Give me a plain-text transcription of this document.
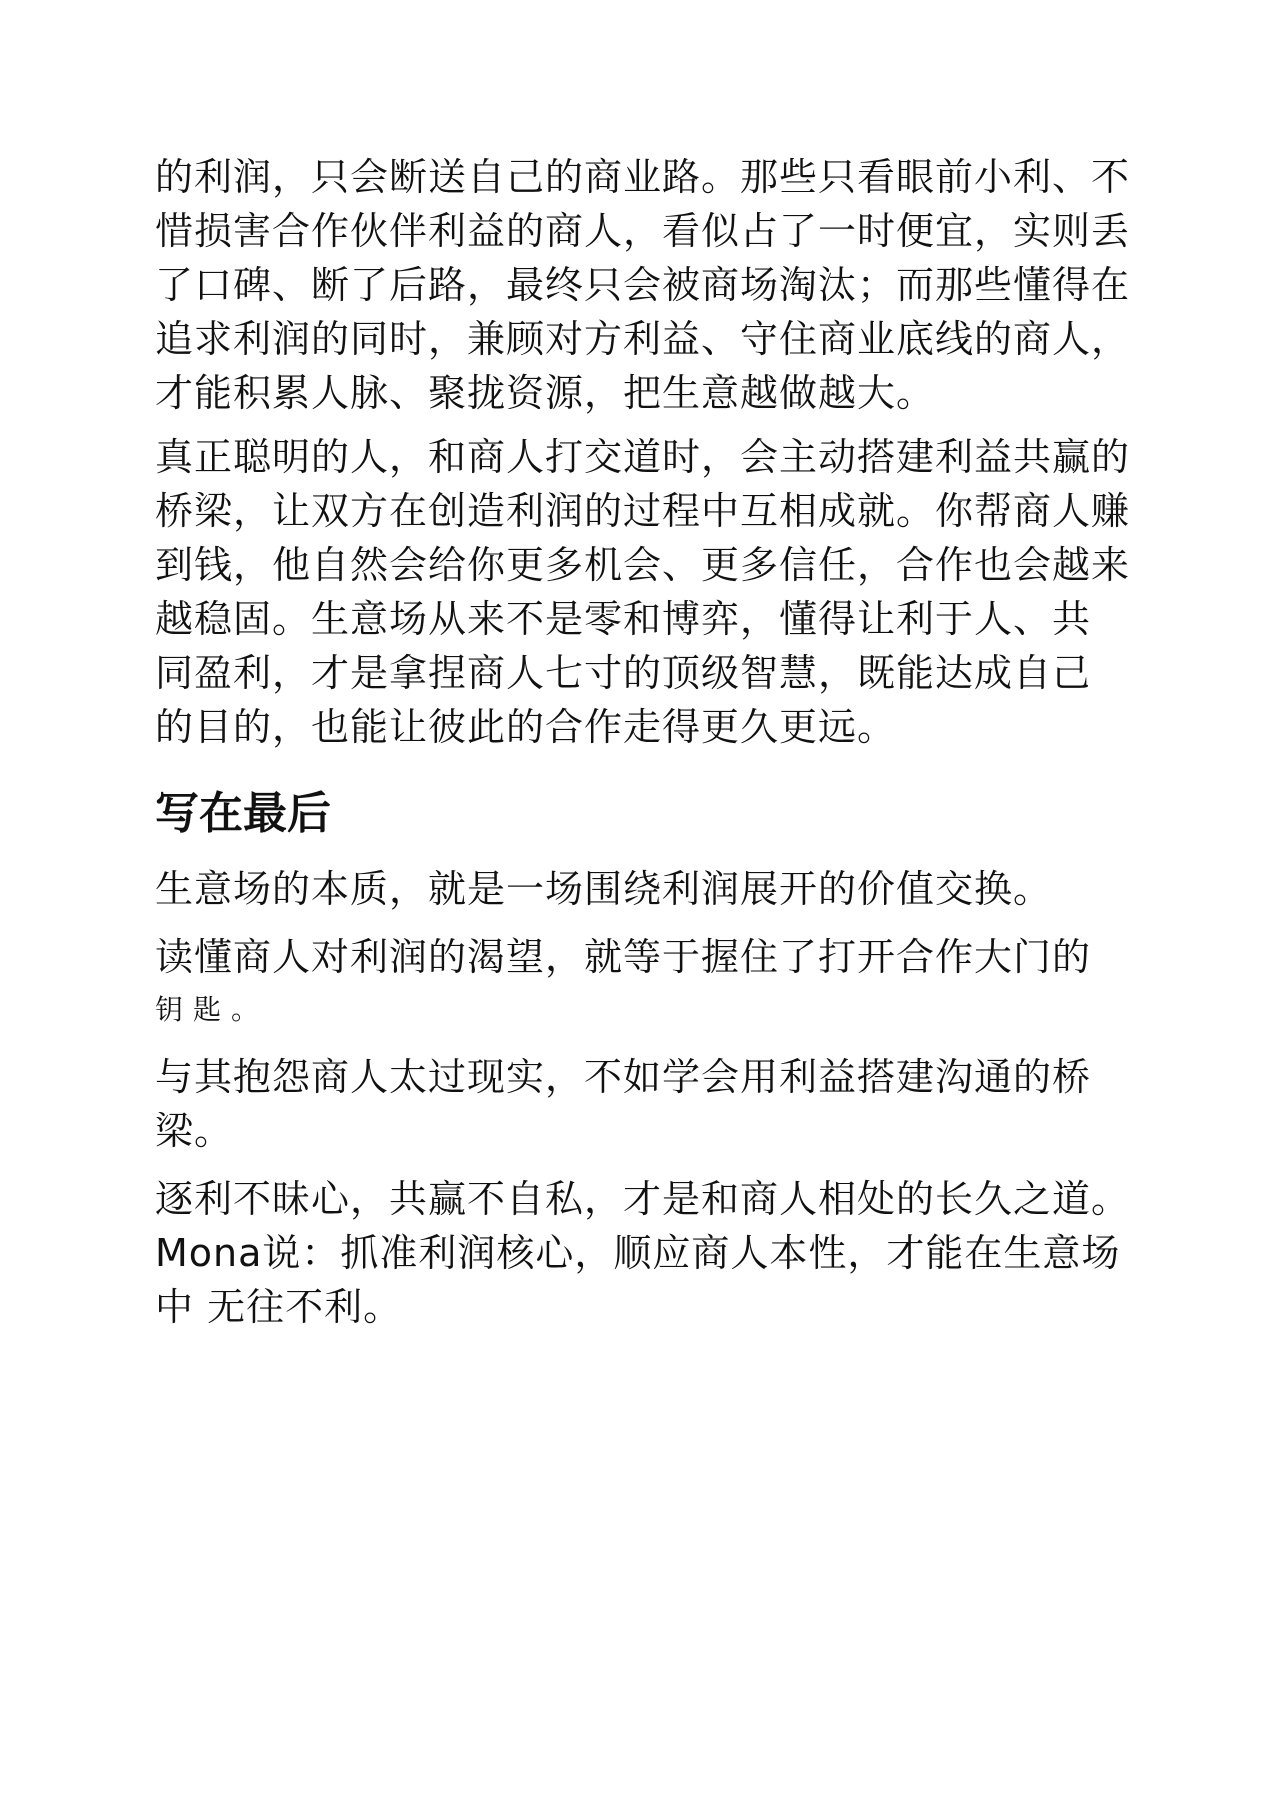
的利润，只会断送自己的商业路。那些只看眼前小利、不
惜损害合作伙伴利益的商人，看似占了一时便宜，实则丢
了口碑、断了后路，最终只会被商场淘汰；而那些懂得在
追求利润的同时，兼顾对方利益、守住商业底线的商人，
才能积累人脉、聚拢资源，把生意越做越大。
真正聪明的人，和商人打交道时，会主动搭建利益共赢的
桥梁，让双方在创造利润的过程中互相成就。你帮商人赚
到钱，他自然会给你更多机会、更多信任，合作也会越来
越稳固。生意场从来不是零和博弈，懂得让利于人、共
同盈利，才是拿捏商人七寸的顶级智慧，既能达成自己
的目的，也能让彼此的合作走得更久更远。
写在最后
生意场的本质，就是一场围绕利润展开的价值交换。
读懂商人对利润的渴望，就等于握住了打开合作大门的
钥匙。
与其抱怨商人太过现实，不如学会用利益搭建沟通的桥
梁。
逐利不昧心，共赢不自私，才是和商人相处的长久之道。
Mona说：抓准利润核心，顺应商人本性，才能在生意场
中 无往不利。
